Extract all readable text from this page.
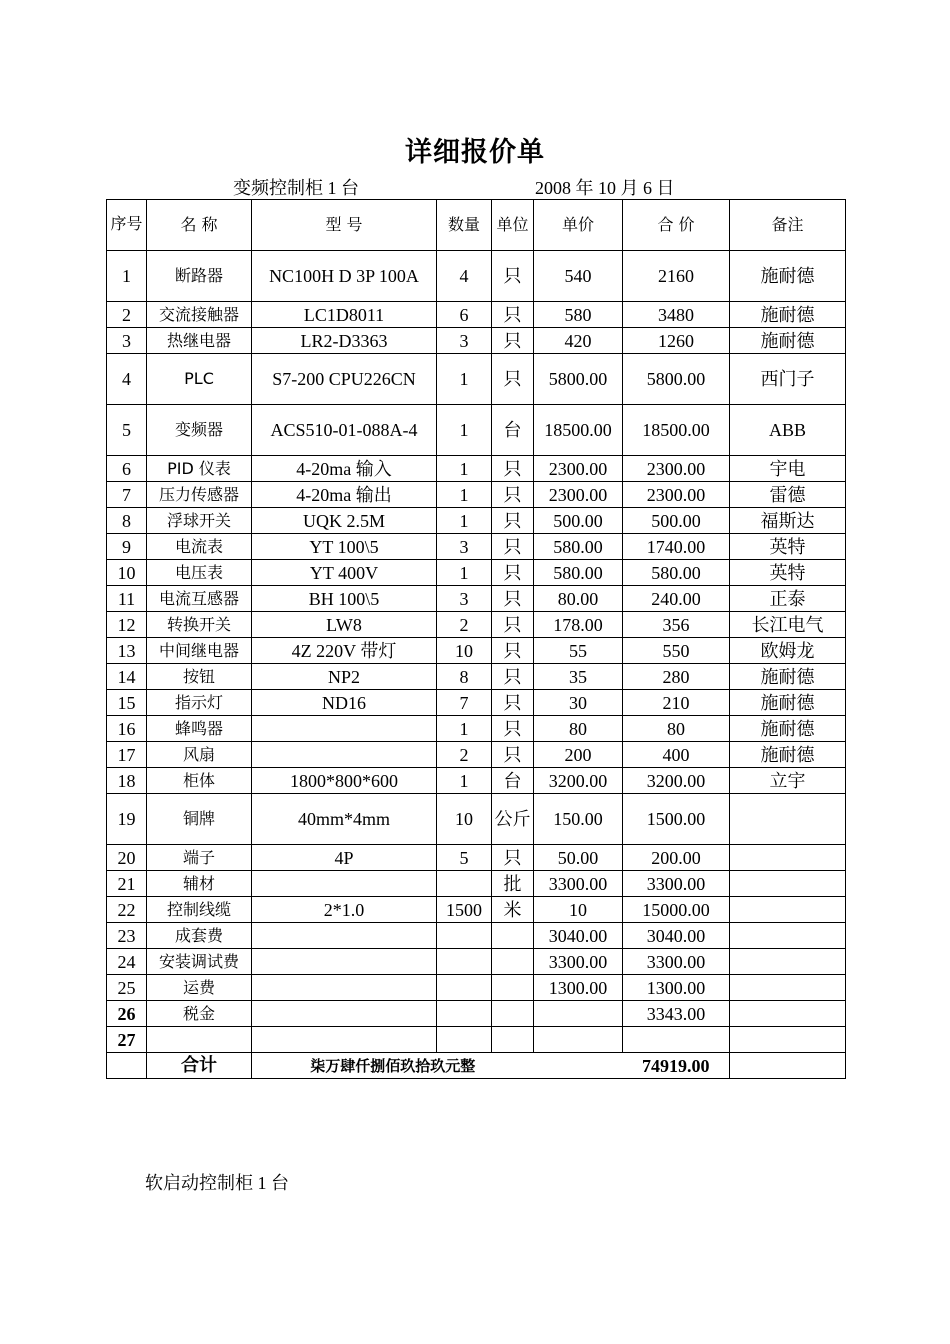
详细报价单
变频控制柜 1 台	2008 年 10 月 6 日
序号	名 称	型 号	数量	单位	单价	合 价	备注
1	断路器	NC100H D 3P 100A	4	只	540	2160	施耐德
2	交流接触器	LC1D8011	6	只	580	3480	施耐德
3	热继电器	LR2-D3363	3	只	420	1260	施耐德
4	PLC	S7-200 CPU226CN	1	只	5800.00	5800.00	西门子
5	变频器	ACS510-01-088A-4	1	台	18500.00	18500.00	ABB
6	PID 仪表	4-20ma 输入	1	只	2300.00	2300.00	宇电
7	压力传感器	4-20ma 输出	1	只	2300.00	2300.00	雷德
8	浮球开关	UQK 2.5M	1	只	500.00	500.00	福斯达
9	电流表	YT 100\5	3	只	580.00	1740.00	英特
10	电压表	YT 400V	1	只	580.00	580.00	英特
11	电流互感器	BH 100\5	3	只	80.00	240.00	正泰
12	转换开关	LW8	2	只	178.00	356	长江电气
13	中间继电器	4Z 220V 带灯	10	只	55	550	欧姆龙
14	按钮	NP2	8	只	35	280	施耐德
15	指示灯	ND16	7	只	30	210	施耐德
16	蜂鸣器		1	只	80	80	施耐德
17	风扇		2	只	200	400	施耐德
18	柜体	1800*800*600	1	台	3200.00	3200.00	立宇
19	铜牌	40mm*4mm	10	公斤	150.00	1500.00	
20	端子	4P	5	只	50.00	200.00	
21	辅材			批	3300.00	3300.00	
22	控制线缆	2*1.0	1500	米	10	15000.00	
23	成套费				3040.00	3040.00	
24	安装调试费				3300.00	3300.00	
25	运费				1300.00	1300.00	
26	税金					3343.00	
27							
	合计	柒万肆仟捌佰玖拾玖元整				74919.00	
软启动控制柜 1 台
